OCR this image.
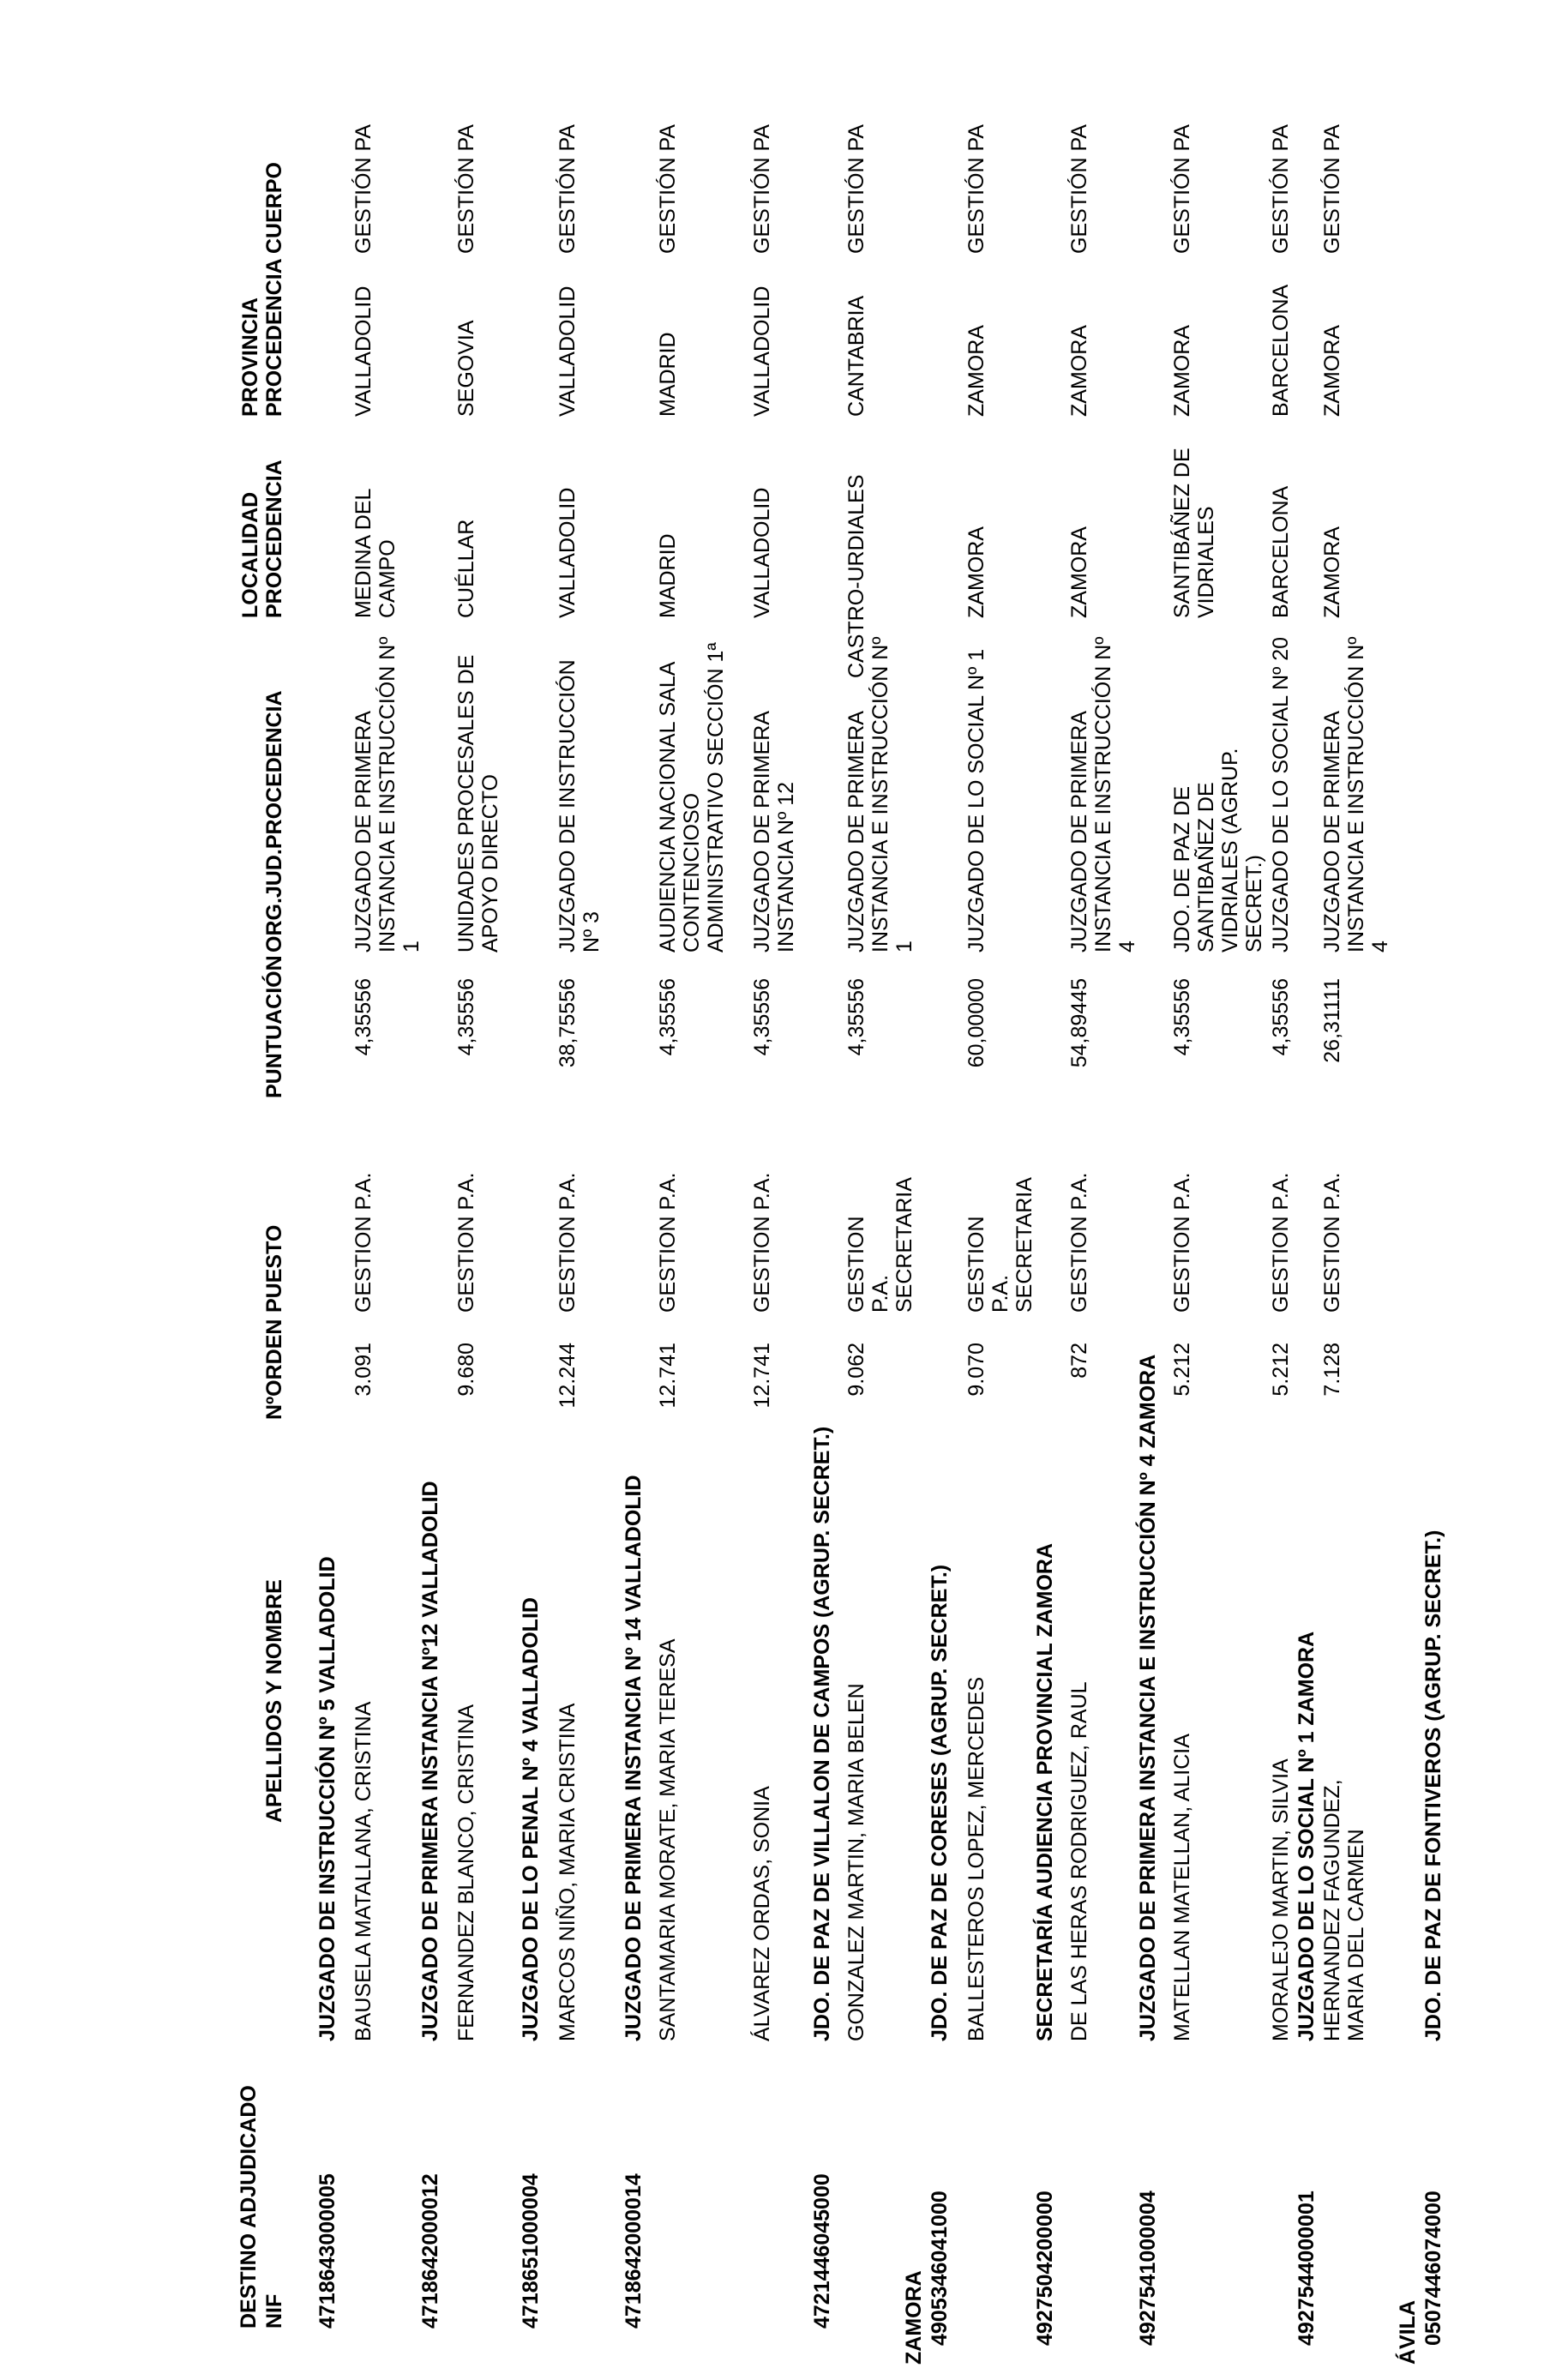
DESTINO ADJUDICADO NIF
APELLIDOS Y NOMBRE
NºORDEN
PUESTO
PUNTUACIÓN
ORG.JUD.PROCEDENCIA
LOCALIDAD PROCEDENCIA
PROVINCIA PROCEDENCIA
CUERPO
4718643000005
JUZGADO DE INSTRUCCIÓN Nº 5 VALLADOLID BAUSELA MATALLANA, CRISTINA
3.091
GESTION P.A.
4,35556
JUZGADO DE PRIMERA INSTANCIA E INSTRUCCIÓN Nº 1
MEDINA DEL CAMPO
VALLADOLID
GESTIÓN PA
4718642000012
JUZGADO DE PRIMERA INSTANCIA Nº12 VALLADOLID FERNANDEZ BLANCO, CRISTINA
9.680
GESTION P.A.
4,35556
UNIDADES PROCESALES DE APOYO DIRECTO
CUÉLLAR
SEGOVIA
GESTIÓN PA
4718651000004
JUZGADO DE LO PENAL Nº 4 VALLADOLID MARCOS NIÑO, MARIA CRISTINA
12.244
GESTION P.A.
38,75556
JUZGADO DE INSTRUCCIÓN Nº 3
VALLADOLID
VALLADOLID
GESTIÓN PA
4718642000014
JUZGADO DE PRIMERA INSTANCIA Nº 14 VALLADOLID SANTAMARIA MORATE, MARIA TERESA
12.741
GESTION P.A.
4,35556
AUDIENCIA NACIONAL SALA CONTENCIOSO ADMINISTRATIVO SECCIÓN 1ª
MADRID
MADRID
GESTIÓN PA
ÁLVAREZ ORDAS, SONIA
12.741
GESTION P.A.
4,35556
JUZGADO DE PRIMERA INSTANCIA Nº 12
VALLADOLID
VALLADOLID
GESTIÓN PA
4721446045000
JDO. DE PAZ DE VILLALON DE CAMPOS (AGRUP. SECRET.) GONZALEZ MARTIN, MARIA BELEN
9.062
GESTION P.A. SECRETARIA
4,35556
JUZGADO DE PRIMERA INSTANCIA E INSTRUCCIÓN Nº 1
CASTRO-URDIALES
CANTABRIA
GESTIÓN PA
ZAMORA 4905346041000
JDO. DE PAZ DE CORESES (AGRUP. SECRET.) BALLESTEROS LOPEZ, MERCEDES
9.070
GESTION P.A. SECRETARIA
60,00000
JUZGADO DE LO SOCIAL Nº 1
ZAMORA
ZAMORA
GESTIÓN PA
4927504200000
SECRETARÍA AUDIENCIA PROVINCIAL ZAMORA DE LAS HERAS RODRIGUEZ, RAUL
872
GESTION P.A.
54,89445
JUZGADO DE PRIMERA INSTANCIA E INSTRUCCIÓN Nº 4
ZAMORA
ZAMORA
GESTIÓN PA
4927541000004
JUZGADO DE PRIMERA INSTANCIA E INSTRUCCIÓN Nº 4 ZAMORA MATELLAN MATELLAN, ALICIA
5.212
GESTION P.A.
4,35556
JDO. DE PAZ DE SANTIBAÑEZ DE VIDRIALES (AGRUP. SECRET.)
SANTIBÁÑEZ DE VIDRIALES
ZAMORA
GESTIÓN PA
MORALEJO MARTIN, SILVIA
5.212
GESTION P.A.
4,35556
JUZGADO DE LO SOCIAL Nº 20
BARCELONA
BARCELONA
GESTIÓN PA
4927544000001
JUZGADO DE LO SOCIAL Nº 1 ZAMORA HERNANDEZ FAGUNDEZ, MARIA DEL CARMEN
7.128
GESTION P.A.
26,31111
JUZGADO DE PRIMERA INSTANCIA E INSTRUCCIÓN Nº 4
ZAMORA
ZAMORA
GESTIÓN PA
ÁVILA 0507446074000
JDO. DE PAZ DE FONTIVEROS (AGRUP. SECRET.)
